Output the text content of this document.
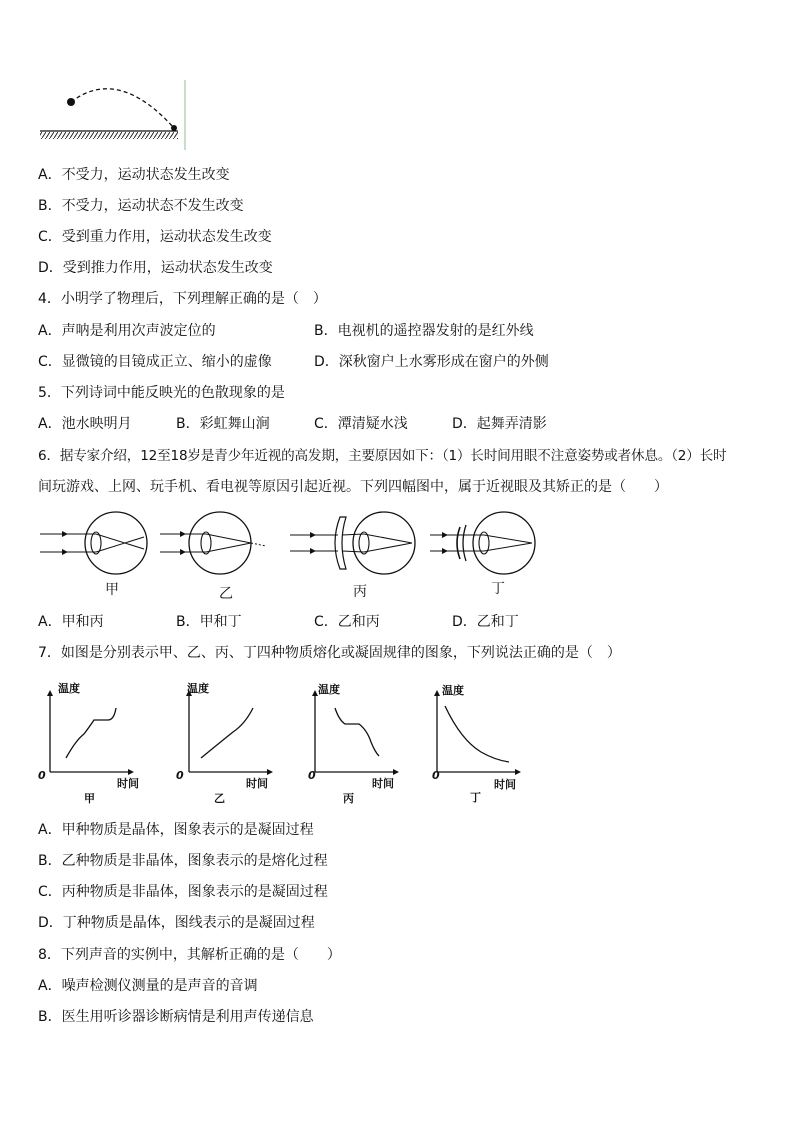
A．不受力，运动状态发生改变
B．不受力，运动状态不发生改变
C．受到重力作用，运动状态发生改变
D．受到推力作用，运动状态发生改变
4．小明学了物理后，下列理解正确的是（　）
A．声呐是利用次声波定位的	B．电视机的遥控器发射的是红外线
C．显微镜的目镜成正立、缩小的虚像	D．深秋窗户上水雾形成在窗户的外侧
5．下列诗词中能反映光的色散现象的是
A．池水映明月	B．彩虹舞山涧	C．潭清疑水浅	D．起舞弄清影
6．据专家介绍，12至18岁是青少年近视的高发期，主要原因如下：（1）长时间用眼不注意姿势或者休息。（2）长时
间玩游戏、上网、玩手机、看电视等原因引起近视。下列四幅图中，属于近视眼及其矫正的是（　　）
甲	乙	丙	丁
A．甲和丙	B．甲和丁	C．乙和丙	D．乙和丁
7．如图是分别表示甲、乙、丙、丁四种物质熔化或凝固规律的图象，下列说法正确的是（　）
温度
时间
0
甲
温度
时间
0
乙
温度
时间
0
丙
温度
时间
0
丁
A．甲种物质是晶体，图象表示的是凝固过程
B．乙种物质是非晶体，图象表示的是熔化过程
C．丙种物质是非晶体，图象表示的是凝固过程
D．丁种物质是晶体，图线表示的是凝固过程
8．下列声音的实例中，其解析正确的是（　　）
A．噪声检测仪测量的是声音的音调
B．医生用听诊器诊断病情是利用声传递信息
